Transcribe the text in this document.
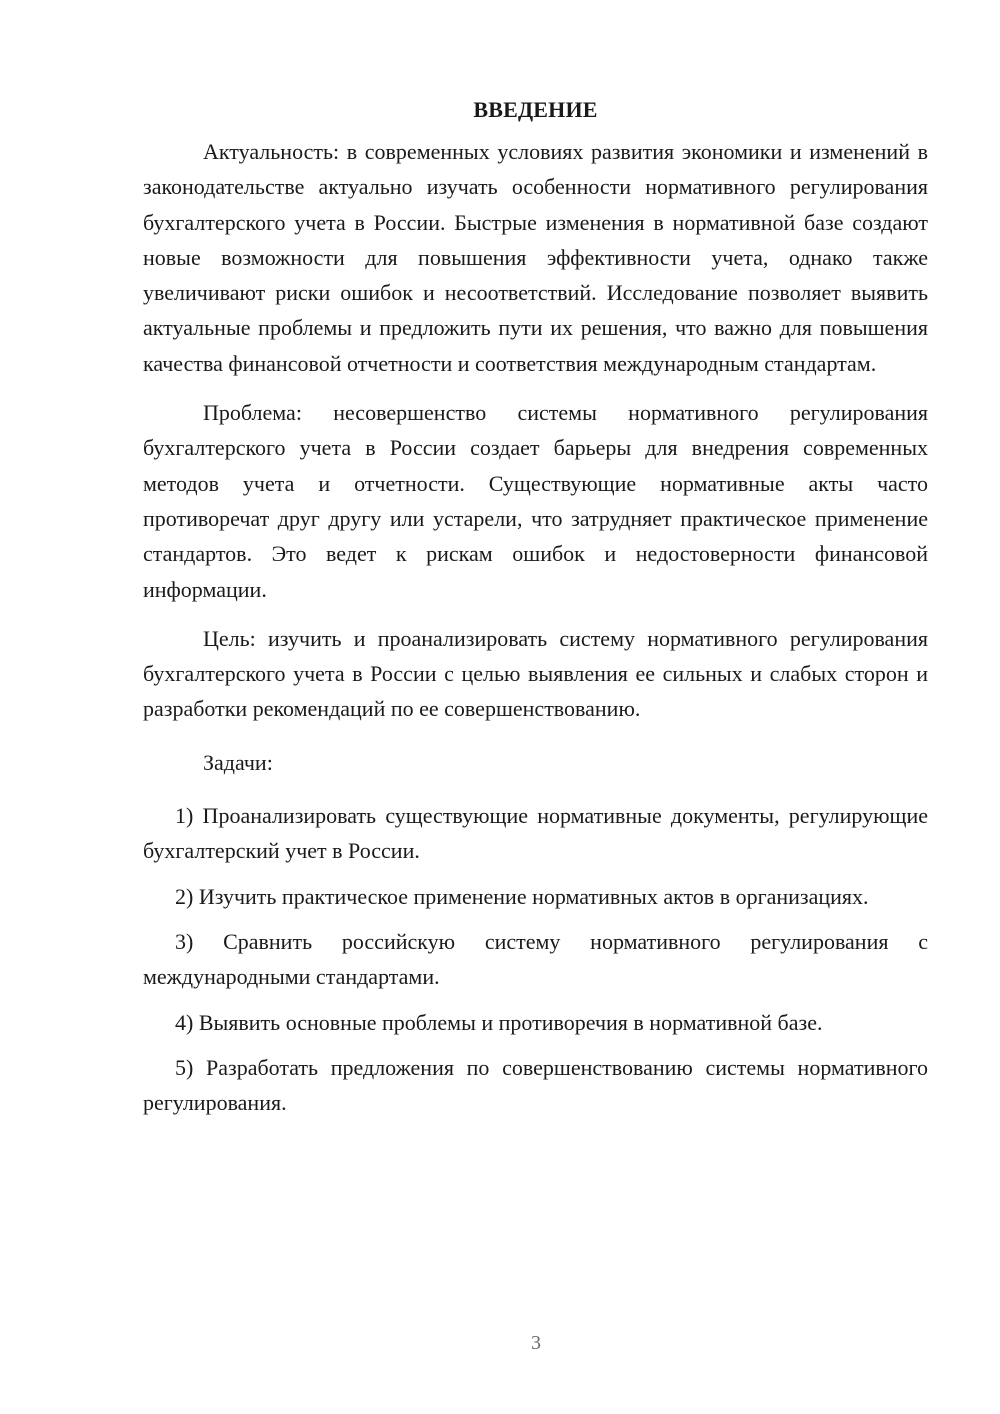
ВВЕДЕНИЕ

Актуальность: в современных условиях развития экономики и изменений в законодательстве актуально изучать особенности нормативного регулирования бухгалтерского учета в России. Быстрые изменения в нормативной базе создают новые возможности для повышения эффективности учета, однако также увеличивают риски ошибок и несоответствий. Исследование позволяет выявить актуальные проблемы и предложить пути их решения, что важно для повышения качества финансовой отчетности и соответствия международным стандартам.

Проблема: несовершенство системы нормативного регулирования бухгалтерского учета в России создает барьеры для внедрения современных методов учета и отчетности. Существующие нормативные акты часто противоречат друг другу или устарели, что затрудняет практическое применение стандартов. Это ведет к рискам ошибок и недостоверности финансовой информации.

Цель: изучить и проанализировать систему нормативного регулирования бухгалтерского учета в России с целью выявления ее сильных и слабых сторон и разработки рекомендаций по ее совершенствованию.

Задачи:

1) Проанализировать существующие нормативные документы, регулирующие бухгалтерский учет в России.

2) Изучить практическое применение нормативных актов в организациях.

3) Сравнить российскую систему нормативного регулирования с международными стандартами.

4) Выявить основные проблемы и противоречия в нормативной базе.

5) Разработать предложения по совершенствованию системы нормативного регулирования.

3
